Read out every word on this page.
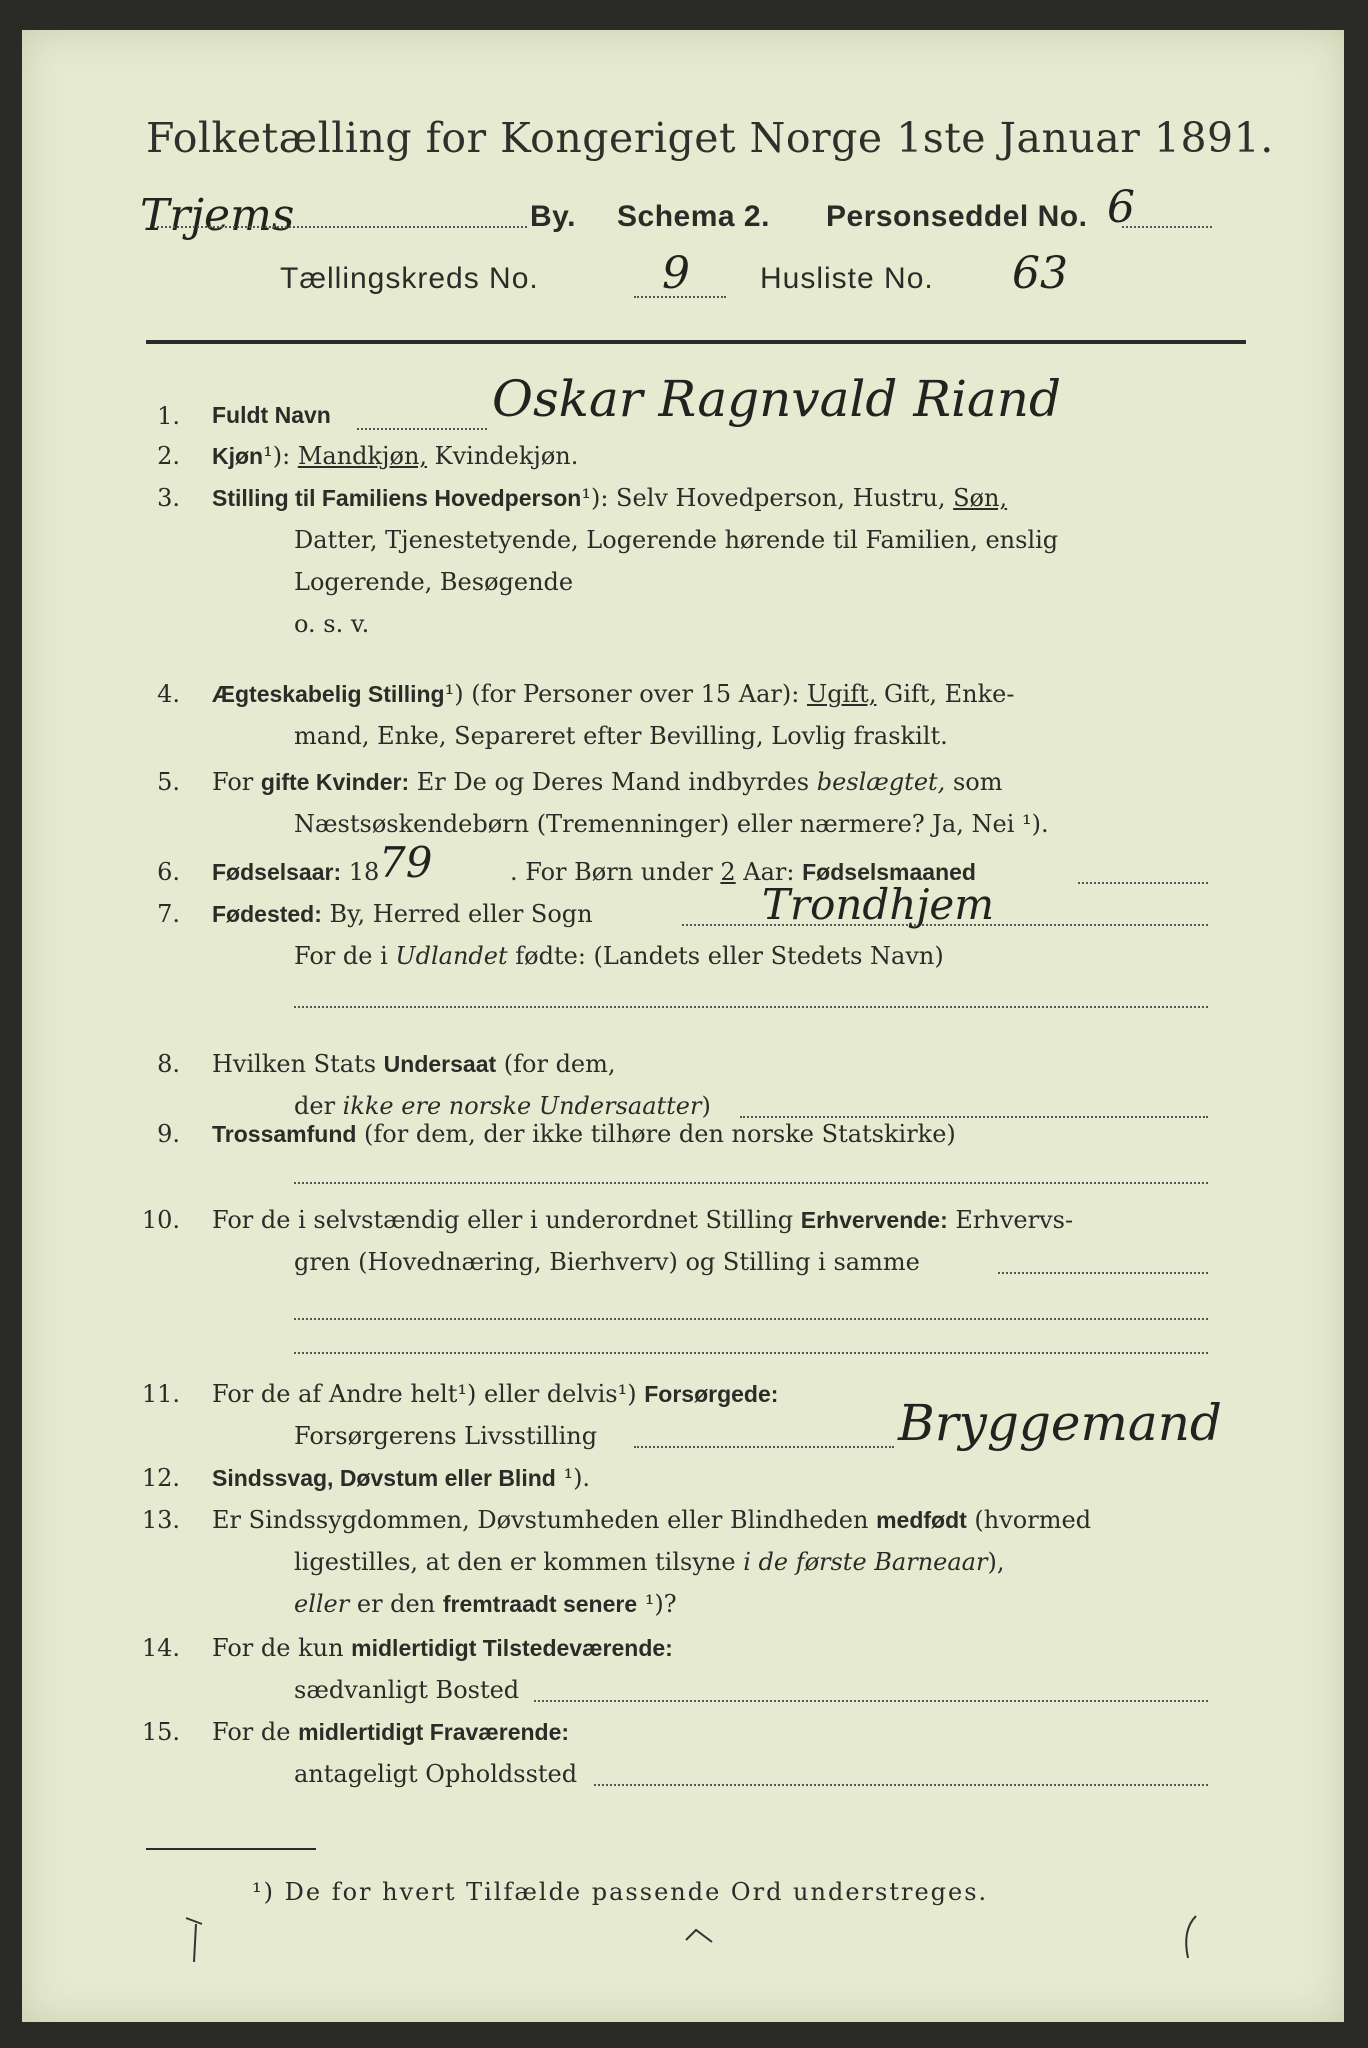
Folketælling for Kongeriget Norge 1ste Januar 1891.
Trjems	By. Schema 2. Personseddel No. 6
Tællingskreds No.	9 Husliste No. 63
1. Fuldt Navn	Oskar Ragnvald Riand
2. Kjøn¹): Mandkjøn, Kvindekjøn.
3. Stilling til Familiens Hovedperson¹): Selv Hovedperson, Hustru, Søn,
Datter, Tjenestetyende, Logerende hørende til Familien, enslig
Logerende, Besøgende
o. s. v.
4. Ægteskabelig Stilling¹) (for Personer over 15 Aar): Ugift, Gift, Enke-
mand, Enke, Separeret efter Bevilling, Lovlig fraskilt.
5. For gifte Kvinder: Er De og Deres Mand indbyrdes beslægtet, som
Næstsøskendebørn (Tremenninger) eller nærmere? Ja, Nei ¹).
6. Fødselsaar: 18 79	. For Børn under 2 Aar: Fødselsmaaned
7. Fødested: By, Herred eller Sogn	Trondhjem
For de i Udlandet fødte: (Landets eller Stedets Navn)
8. Hvilken Stats Undersaat (for dem,
der ikke ere norske Undersaatter)
9. Trossamfund (for dem, der ikke tilhøre den norske Statskirke)
10. For de i selvstændig eller i underordnet Stilling Erhvervende: Erhvervs-
gren (Hovednæring, Bierhverv) og Stilling i samme
11. For de af Andre helt¹) eller delvis¹) Forsørgede:
Forsørgerens Livsstilling	Bryggemand
12. Sindssvag, Døvstum eller Blind ¹).
13. Er Sindssygdommen, Døvstumheden eller Blindheden medfødt (hvormed
ligestilles, at den er kommen tilsyne i de første Barneaar),
eller er den fremtraadt senere ¹)?
14. For de kun midlertidigt Tilstedeværende:
sædvanligt Bosted
15. For de midlertidigt Fraværende:
antageligt Opholdssted
¹) De for hvert Tilfælde passende Ord understreges.
